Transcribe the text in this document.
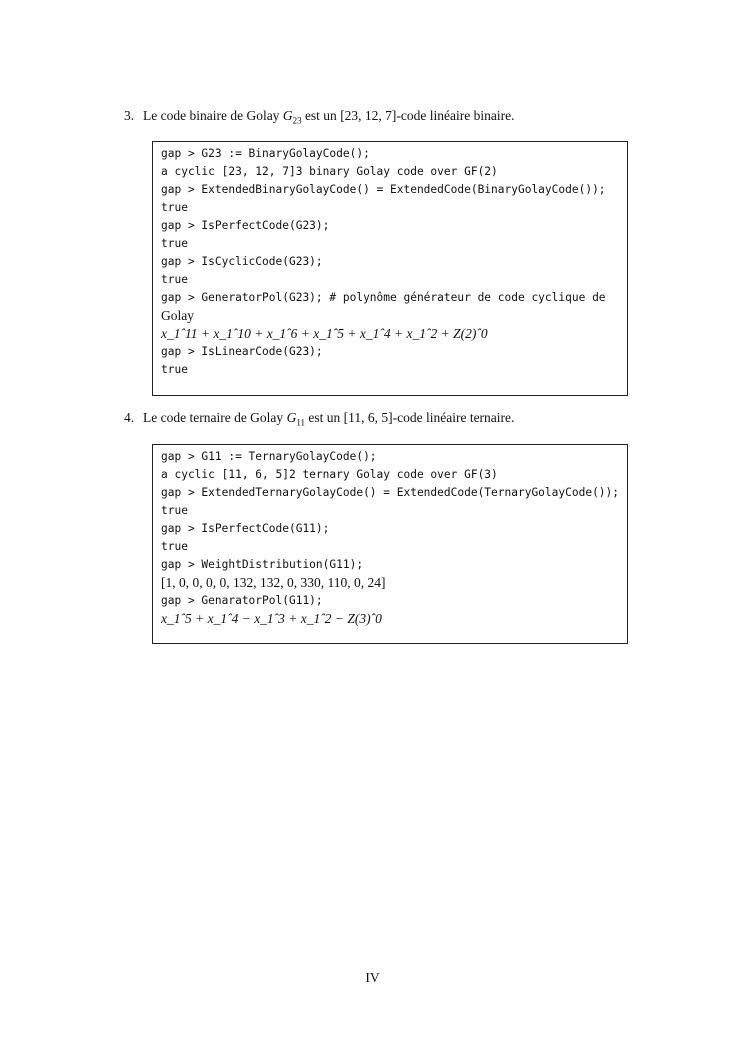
3. Le code binaire de Golay $G_{23}$ est un [23, 12, 7]-code linéaire binaire.
gap > G23 := BinaryGolayCode();
a cyclic [23, 12, 7]3 binary Golay code over GF(2)
gap > ExtendedBinaryGolayCode() = ExtendedCode(BinaryGolayCode());
true
gap > IsPerfectCode(G23);
true
gap > IsCyclicCode(G23);
true
gap > GeneratorPol(G23); # polynôme générateur de code cyclique de
Golay
x_1ˆ11 + x_1ˆ10 + x_1ˆ6 + x_1ˆ5 + x_1ˆ4 + x_1ˆ2 + Z(2)ˆ0
gap > IsLinearCode(G23);
true
4. Le code ternaire de Golay $G_{11}$ est un [11, 6, 5]-code linéaire ternaire.
gap > G11 := TernaryGolayCode();
a cyclic [11, 6, 5]2 ternary Golay code over GF(3)
gap > ExtendedTernaryGolayCode() = ExtendedCode(TernaryGolayCode());
true
gap > IsPerfectCode(G11);
true
gap > WeightDistribution(G11);
[1, 0, 0, 0, 0, 132, 132, 0, 330, 110, 0, 24]
gap > GenaratorPol(G11);
x_1ˆ5 + x_1ˆ4 − x_1ˆ3 + x_1ˆ2 − Z(3)ˆ0
IV
